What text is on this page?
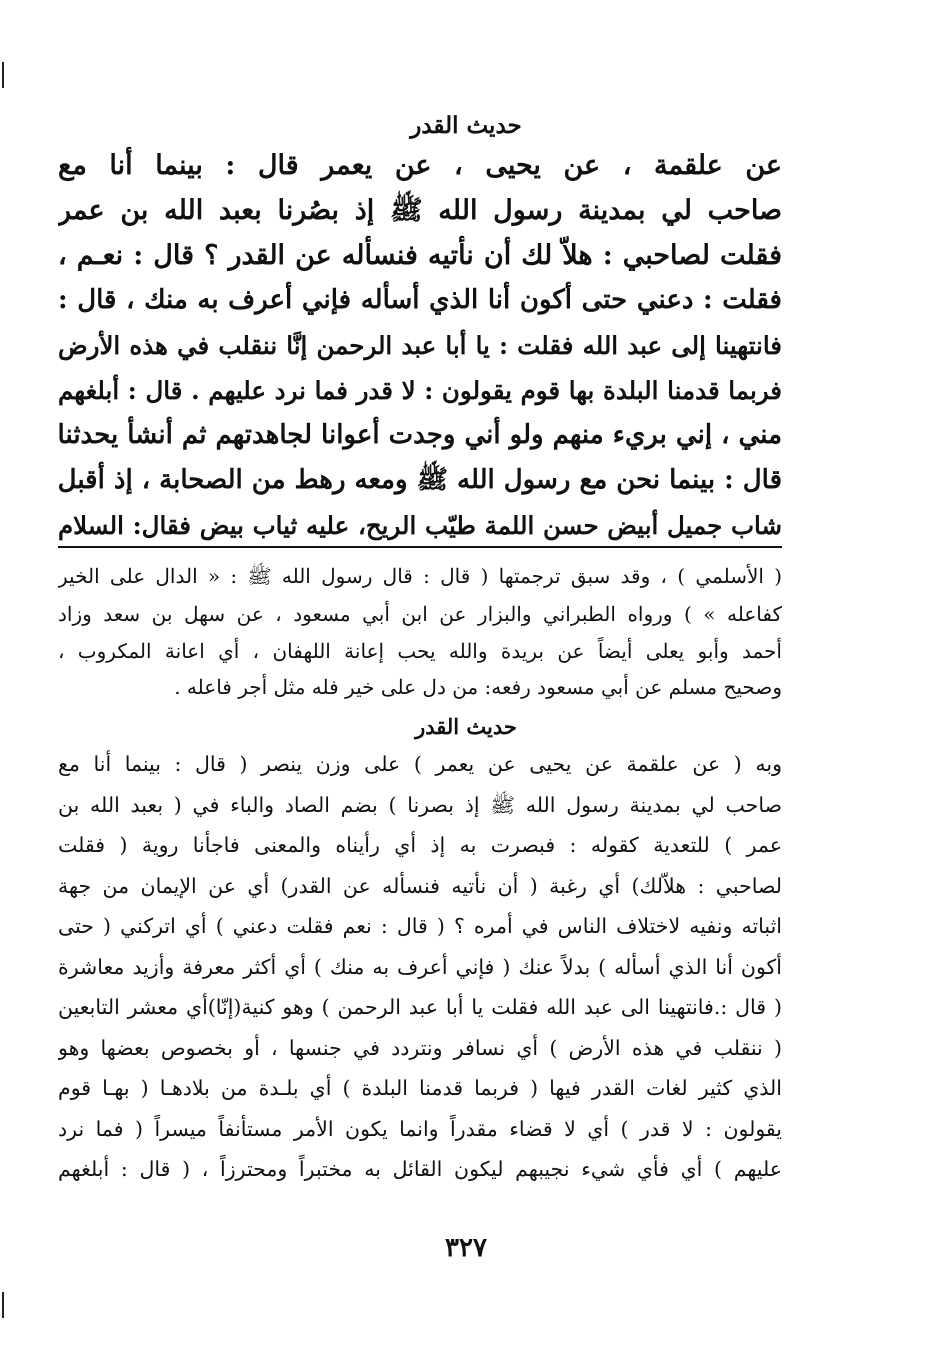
حديث القدر
عن علقمة ، عن يحيى ، عن يعمر قال : بينما أنا مع
صاحب لي بمدينة رسول الله ﷺ إذ بصُرنا بعبد الله بن عمر
فقلت لصاحبي : هلاّ لك أن نأتيه فنسأله عن القدر ؟ قال : نعـم ،
فقلت : دعني حتى أكون أنا الذي أسأله فإني أعرف به منك ، قال :
فانتهينا إلى عبد الله فقلت : يا أبا عبد الرحمن إنَّا ننقلب في هذه الأرض
فربما قدمنا البلدة بها قوم يقولون : لا قدر فما نرد عليهم . قال : أبلغهم
مني ، إني بريء منهم ولو أني وجدت أعوانا لجاهدتهم ثم أنشأ يحدثنا
قال : بينما نحن مع رسول الله ﷺ ومعه رهط من الصحابة ، إذ أقبل
شاب جميل أبيض حسن اللمة طيّب الريح، عليه ثياب بيض فقال: السلام
( الأسلمي ) ، وقد سبق ترجمتها ( قال : قال رسول الله ﷺ : « الدال على الخير
كفاعله » ) ورواه الطبراني والبزار عن ابن أبي مسعود ، عن سهل بن سعد وزاد
أحمد وأبو يعلى أيضاً عن بريدة والله يحب إعانة اللهفان ، أي اعانة المكروب ،
وصحيح مسلم عن أبي مسعود رفعه: من دل على خير فله مثل أجر فاعله .
حديث القدر
وبه ( عن علقمة عن يحيى عن يعمر ) على وزن ينصر ( قال : بينما أنا مع
صاحب لي بمدينة رسول الله ﷺ إذ بصرنا ) بضم الصاد والباء في ( بعبد الله بن
عمر ) للتعدية كقوله : فبصرت به إذ أي رأيناه والمعنى فاجأنا روية ( فقلت
لصاحبي : هلاّلك) أي رغبة ( أن نأتيه فنسأله عن القدر) أي عن الإيمان من جهة
اثباته ونفيه لاختلاف الناس في أمره ؟ ( قال : نعم فقلت دعني ) أي اتركني ( حتى
أكون أنا الذي أسأله ) بدلاً عنك ( فإني أعرف به منك ) أي أكثر معرفة وأزيد معاشرة
( قال :.فانتهينا الى عبد الله فقلت يا أبا عبد الرحمن ) وهو كنية(إنّا)أي معشر التابعين
( ننقلب في هذه الأرض ) أي نسافر ونتردد في جنسها ، أو بخصوص بعضها وهو
الذي كثير لغات القدر فيها ( فربما قدمنا البلدة ) أي بلـدة من بلادهـا ( بهـا قوم
يقولون : لا قدر ) أي لا قضاء مقدراً وانما يكون الأمر مستأنفاً ميسراً ( فما نرد
عليهم ) أي فأي شيء نجيبهم ليكون القائل به مختبراً ومحترزاً ، ( قال : أبلغهم
٣٢٧
